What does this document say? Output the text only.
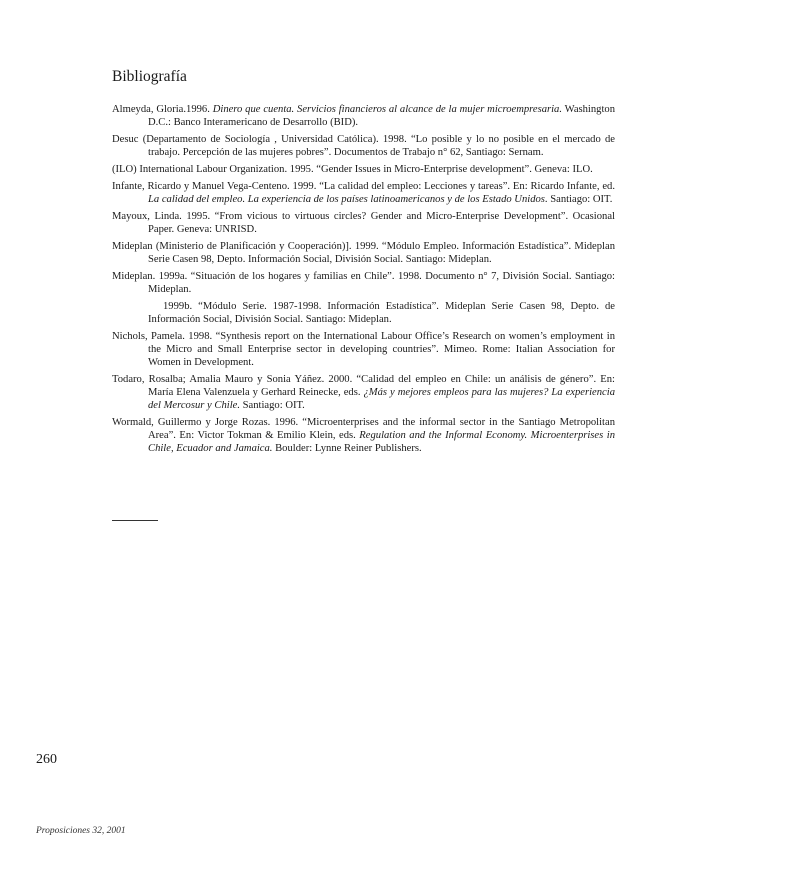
Bibliografía
Almeyda, Gloria.1996. Dinero que cuenta. Servicios financieros al alcance de la mujer microempresaria. Washington D.C.: Banco Interamericano de Desarrollo (BID).
Desuc (Departamento de Sociología , Universidad Católica). 1998. “Lo posible y lo no posible en el mercado de trabajo. Percepción de las mujeres pobres”. Documentos de Trabajo n° 62, Santiago: Sernam.
(ILO) International Labour Organization. 1995. “Gender Issues in Micro-Enterprise development”. Geneva: ILO.
Infante, Ricardo y Manuel Vega-Centeno. 1999. “La calidad del empleo: Lecciones y tareas”. En: Ricardo Infante, ed. La calidad del empleo. La experiencia de los países latinoamericanos y de los Estado Unidos. Santiago: OIT.
Mayoux, Linda. 1995. “From vicious to virtuous circles? Gender and Micro-Enterprise Development”. Ocasional Paper. Geneva: UNRISD.
Mideplan (Ministerio de Planificación y Cooperación)]. 1999. “Módulo Empleo. Información Estadística”. Mideplan Serie Casen 98, Depto. Información Social, División Social. Santiago: Mideplan.
Mideplan. 1999a. “Situación de los hogares y familias en Chile”. 1998. Documento n° 7, División Social. Santiago: Mideplan.
1999b. “Módulo Serie. 1987-1998. Información Estadística”. Mideplan Serie Casen 98, Depto. de Información Social, División Social. Santiago: Mideplan.
Nichols, Pamela. 1998. “Synthesis report on the International Labour Office’s Research on women’s employment in the Micro and Small Enterprise sector in developing countries”. Mimeo. Rome: Italian Association for Women in Development.
Todaro, Rosalba; Amalia Mauro y Sonia Yáñez. 2000. “Calidad del empleo en Chile: un análisis de género”. En: María Elena Valenzuela y Gerhard Reinecke, eds. ¿Más y mejores empleos para las mujeres? La experiencia del Mercosur y Chile. Santiago: OIT.
Wormald, Guillermo y Jorge Rozas. 1996. “Microenterprises and the informal sector in the Santiago Metropolitan Area”. En: Victor Tokman & Emilio Klein, eds. Regulation and the Informal Economy. Microenterprises in Chile, Ecuador and Jamaica. Boulder: Lynne Reiner Publishers.
260
Proposiciones 32, 2001
